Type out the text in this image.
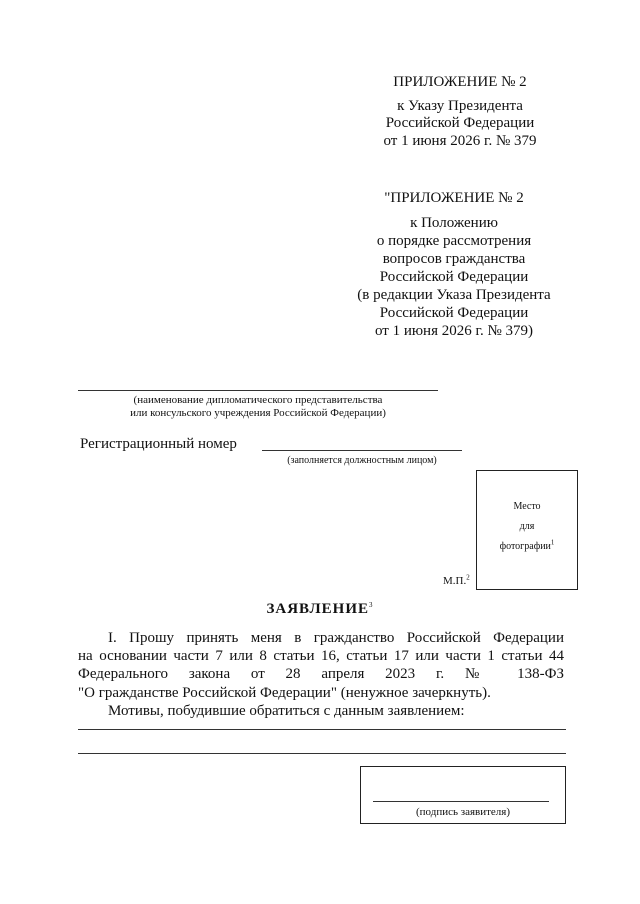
ПРИЛОЖЕНИЕ № 2
к Указу Президента
Российской Федерации
от 1 июня 2026 г. № 379
"ПРИЛОЖЕНИЕ № 2
к Положению
о порядке рассмотрения
вопросов гражданства
Российской Федерации
(в редакции Указа Президента
Российской Федерации
от 1 июня 2026 г. № 379)
(наименование дипломатического представительства
или консульского учреждения Российской Федерации)
Регистрационный номер
(заполняется должностным лицом)
Место
для
фотографии$^1$
М.П.$^2$
ЗАЯВЛЕНИЕ$^3$
I. Прошу принять меня в гражданство Российской Федерации
на основании части 7 или 8 статьи 16, статьи 17 или части 1 статьи 44
Федерального закона от 28 апреля 2023 г. № 138-ФЗ
"О гражданстве Российской Федерации" (ненужное зачеркнуть).
Мотивы, побудившие обратиться с данным заявлением:
(подпись заявителя)
